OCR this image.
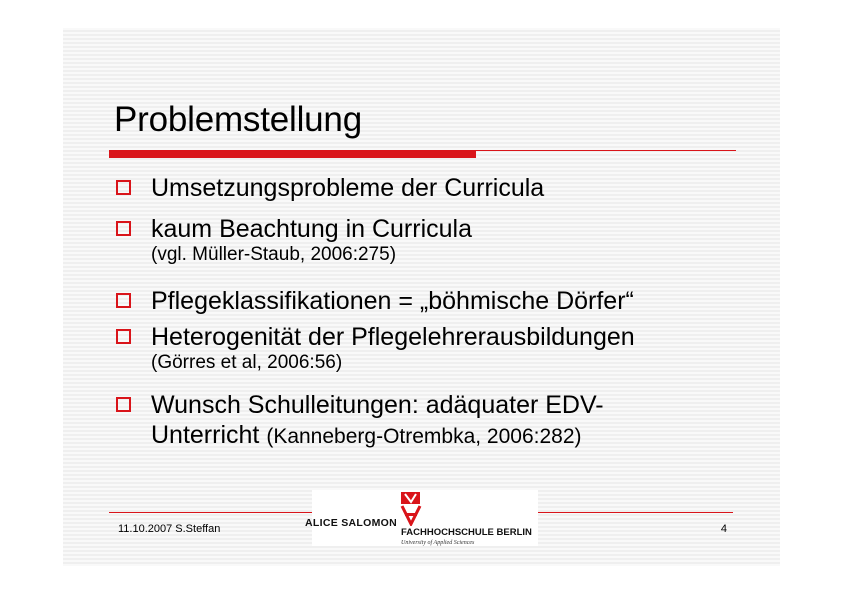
Problemstellung
Umsetzungsprobleme der Curricula
kaum Beachtung in Curricula
(vgl. Müller-Staub, 2006:275)
Pflegeklassifikationen = „böhmische Dörfer“
Heterogenität der Pflegelehrerausbildungen
(Görres et al, 2006:56)
Wunsch Schulleitungen: adäquater EDV-
Unterricht (Kanneberg-Otrembka, 2006:282)
11.10.2007 S.Steffan	4
ALICE SALOMON
FACHHOCHSCHULE BERLIN
University of Applied Sciences
